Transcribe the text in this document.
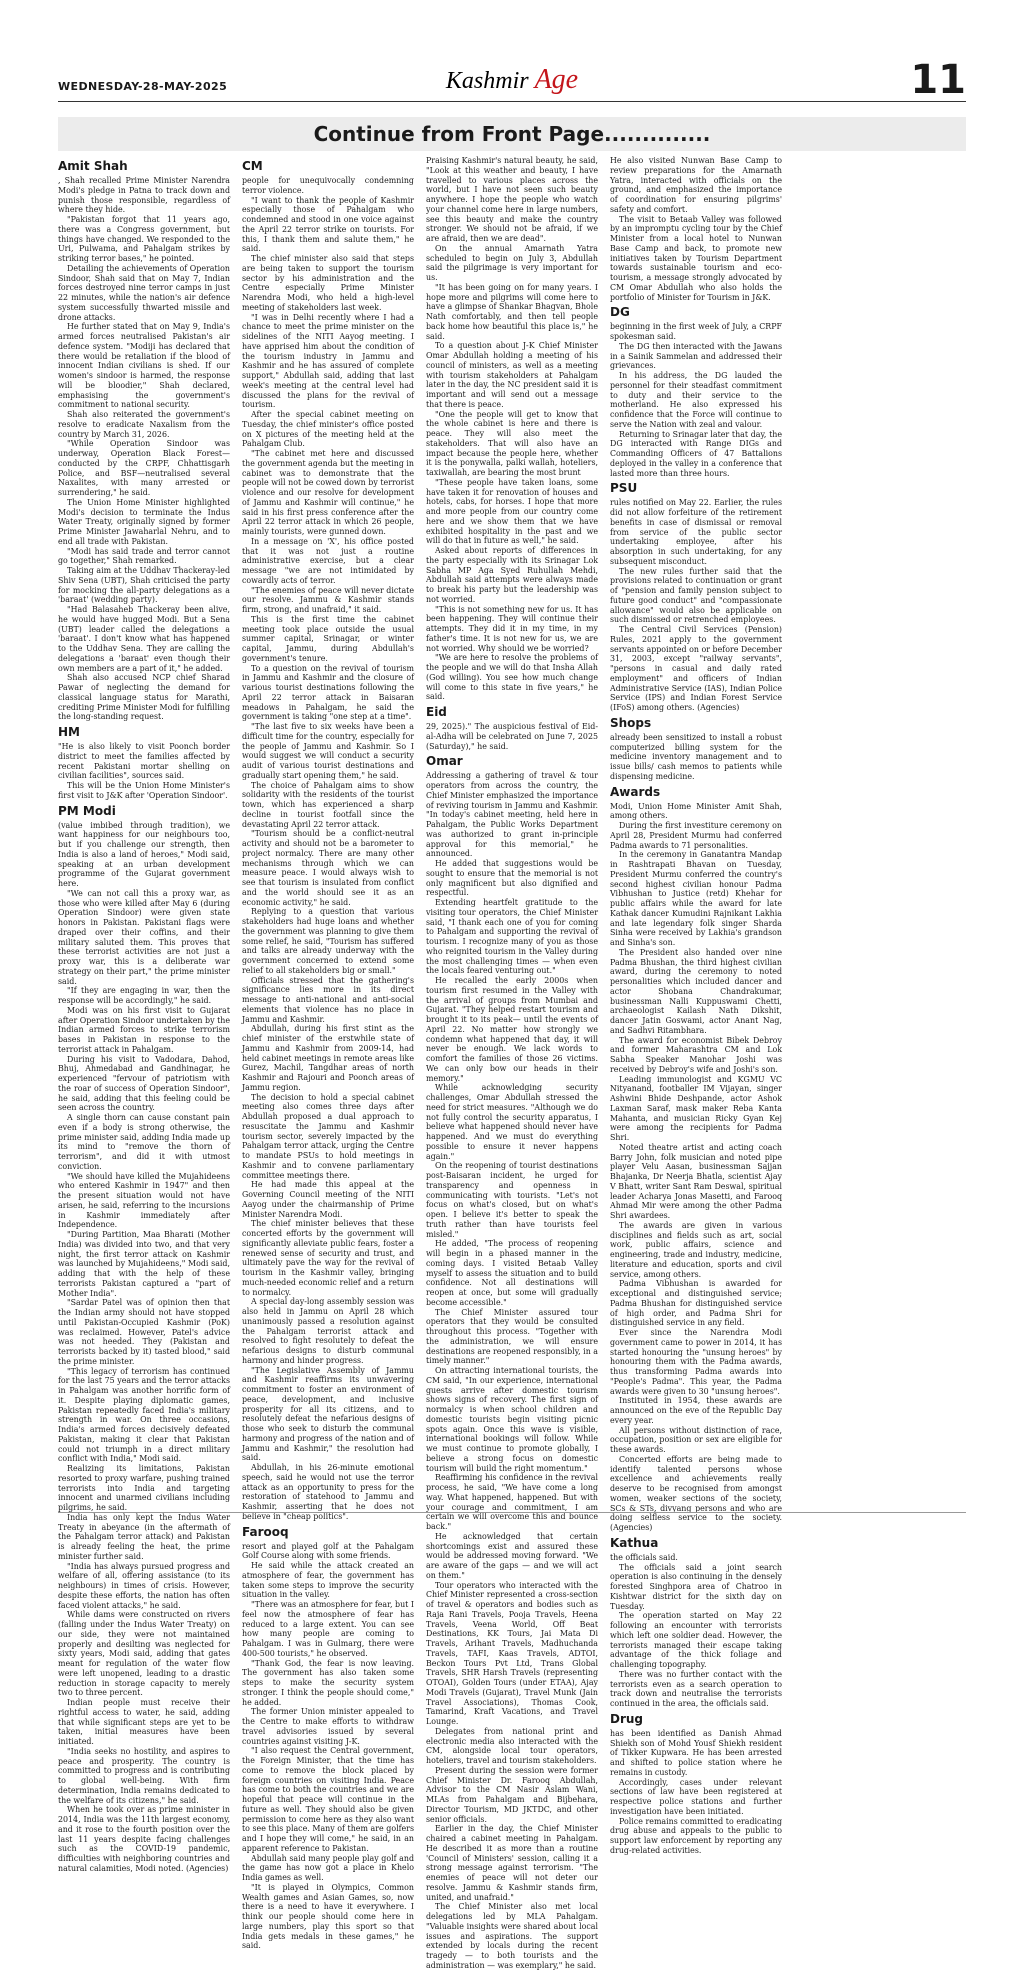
WEDNESDAY-28-MAY-2025	Kashmir Age	11
Continue from Front Page..............
Amit Shah

, Shah recalled Prime Minister Narendra Modi's pledge in Patna to track down and punish those responsible, regardless of where they hide.

"Pakistan forgot that 11 years ago, there was a Congress government, but things have changed. We responded to the Uri, Pulwama, and Pahalgam strikes by striking terror bases," he pointed.

Detailing the achievements of Operation Sindoor, Shah said that on May 7, Indian forces destroyed nine terror camps in just 22 minutes, while the nation's air defence system successfully thwarted missile and drone attacks.

He further stated that on May 9, India's armed forces neutralised Pakistan's air defence system. "Modiji has declared that there would be retaliation if the blood of innocent Indian civilians is shed. If our women's sindoor is harmed, the response will be bloodier," Shah declared, emphasising the government's commitment to national security.

Shah also reiterated the government's resolve to eradicate Naxalism from the country by March 31, 2026.

"While Operation Sindoor was underway, Operation Black Forest—conducted by the CRPF, Chhattisgarh Police, and BSF—neutralised several Naxalites, with many arrested or surrendering," he said.

The Union Home Minister highlighted Modi's decision to terminate the Indus Water Treaty, originally signed by former Prime Minister Jawaharlal Nehru, and to end all trade with Pakistan.

"Modi has said trade and terror cannot go together," Shah remarked.

Taking aim at the Uddhav Thackeray-led Shiv Sena (UBT), Shah criticised the party for mocking the all-party delegations as a 'baraat' (wedding party).

"Had Balasaheb Thackeray been alive, he would have hugged Modi. But a Sena (UBT) leader called the delegations a 'baraat'. I don't know what has happened to the Uddhav Sena. They are calling the delegations a 'baraat' even though their own members are a part of it," he added.

Shah also accused NCP chief Sharad Pawar of neglecting the demand for classical language status for Marathi, crediting Prime Minister Modi for fulfilling the long-standing request.

HM

"He is also likely to visit Poonch border district to meet the families affected by recent Pakistani mortar shelling on civilian facilities", sources said.

This will be the Union Home Minister's first visit to J&K after 'Operation Sindoor'.

PM Modi

(value imbibed through tradition), we want happiness for our neighbours too, but if you challenge our strength, then India is also a land of heroes," Modi said, speaking at an urban development programme of the Gujarat government here.

"We can not call this a proxy war, as those who were killed after May 6 (during Operation Sindoor) were given state honors in Pakistan. Pakistani flags were draped over their coffins, and their military saluted them. This proves that these terrorist activities are not just a proxy war, this is a deliberate war strategy on their part," the prime minister said.

"If they are engaging in war, then the response will be accordingly," he said.

Modi was on his first visit to Gujarat after Operation Sindoor undertaken by the Indian armed forces to strike terrorism bases in Pakistan in response to the terrorist attack in Pahalgam.

During his visit to Vadodara, Dahod, Bhuj, Ahmedabad and Gandhinagar, he experienced "fervour of patriotism with the roar of success of Operation Sindoor", he said, adding that this feeling could be seen across the country.

A single thorn can cause constant pain even if a body is strong otherwise, the prime minister said, adding India made up its mind to "remove the thorn of terrorism", and did it with utmost conviction.

"We should have killed the Mujahideens who entered Kashmir in 1947" and then the present situation would not have arisen, he said, referring to the incursions in Kashmir immediately after Independence.

"During Partition, Maa Bharati (Mother India) was divided into two, and that very night, the first terror attack on Kashmir was launched by Mujahideens," Modi said, adding that with the help of these terrorists Pakistan captured a "part of Mother India".

"Sardar Patel was of opinion then that the Indian army should not have stopped until Pakistan-Occupied Kashmir (PoK) was reclaimed. However, Patel's advice was not heeded. They (Pakistan and terrorists backed by it) tasted blood," said the prime minister.

"This legacy of terrorism has continued for the last 75 years and the terror attacks in Pahalgam was another horrific form of it. Despite playing diplomatic games, Pakistan repeatedly faced India's military strength in war. On three occasions, India's armed forces decisively defeated Pakistan, making it clear that Pakistan could not triumph in a direct military conflict with India," Modi said.

Realizing its limitations, Pakistan resorted to proxy warfare, pushing trained terrorists into India and targeting innocent and unarmed civilians including pilgrims, he said.

India has only kept the Indus Water Treaty in abeyance (in the aftermath of the Pahalgam terror attack) and Pakistan is already feeling the heat, the prime minister further said.

"India has always pursued progress and welfare of all, offering assistance (to its neighbours) in times of crisis. However, despite these efforts, the nation has often faced violent attacks," he said.

While dams were constructed on rivers (falling under the Indus Water Treaty) on our side, they were not maintained properly and desilting was neglected for sixty years, Modi said, adding that gates meant for regulation of the water flow were left unopened, leading to a drastic reduction in storage capacity to merely two to three percent.

Indian people must receive their rightful access to water, he said, adding that while significant steps are yet to be taken, initial measures have been initiated.

"India seeks no hostility, and aspires to peace and prosperity. The country is committed to progress and is contributing to global well-being. With firm determination, India remains dedicated to the welfare of its citizens," he said.

When he took over as prime minister in 2014, India was the 11th largest economy, and it rose to the fourth position over the last 11 years despite facing challenges such as the COVID-19 pandemic, difficulties with neighboring countries and natural calamities, Modi noted. (Agencies)

CM

people for unequivocally condemning terror violence.

"I want to thank the people of Kashmir especially those of Pahalgam who condemned and stood in one voice against the April 22 terror strike on tourists. For this, I thank them and salute them," he said.

The chief minister also said that steps are being taken to support the tourism sector by his administration and the Centre especially Prime Minister Narendra Modi, who held a high-level meeting of stakeholders last week.

"I was in Delhi recently where I had a chance to meet the prime minister on the sidelines of the NITI Aayog meeting. I have apprised him about the condition of the tourism industry in Jammu and Kashmir and he has assured of complete support," Abdullah said, adding that last week's meeting at the central level had discussed the plans for the revival of tourism.

After the special cabinet meeting on Tuesday, the chief minister's office posted on X pictures of the meeting held at the Pahalgam Club.

"The cabinet met here and discussed the government agenda but the meeting in cabinet was to demonstrate that the people will not be cowed down by terrorist violence and our resolve for development of Jammu and Kashmir will continue," he said in his first press conference after the April 22 terror attack in which 26 people, mainly tourists, were gunned down.

In a message on 'X', his office posted that it was not just a routine administrative exercise, but a clear message "we are not intimidated by cowardly acts of terror.

"The enemies of peace will never dictate our resolve. Jammu & Kashmir stands firm, strong, and unafraid," it said.

This is the first time the cabinet meeting took place outside the usual summer capital, Srinagar, or winter capital, Jammu, during Abdullah's government's tenure.

To a question on the revival of tourism in Jammu and Kashmir and the closure of various tourist destinations following the April 22 terror attack in Baisaran meadows in Pahalgam, he said the government is taking "one step at a time".

"The last five to six weeks have been a difficult time for the country, especially for the people of Jammu and Kashmir. So I would suggest we will conduct a security audit of various tourist destinations and gradually start opening them," he said.

The choice of Pahalgam aims to show solidarity with the residents of the tourist town, which has experienced a sharp decline in tourist footfall since the devastating April 22 terror attack.

"Tourism should be a conflict-neutral activity and should not be a barometer to project normalcy. There are many other mechanisms through which we can measure peace. I would always wish to see that tourism is insulated from conflict and the world should see it as an economic activity," he said.

Replying to a question that various stakeholders had huge loans and whether the government was planning to give them some relief, he said, "Tourism has suffered and talks are already underway with the government concerned to extend some relief to all stakeholders big or small."

Officials stressed that the gathering's significance lies more in its direct message to anti-national and anti-social elements that violence has no place in Jammu and Kashmir.

Abdullah, during his first stint as the chief minister of the erstwhile state of Jammu and Kashmir from 2009-14, had held cabinet meetings in remote areas like Gurez, Machil, Tangdhar areas of north Kashmir and Rajouri and Poonch areas of Jammu region.

The decision to hold a special cabinet meeting also comes three days after Abdullah proposed a dual approach to resuscitate the Jammu and Kashmir tourism sector, severely impacted by the Pahalgam terror attack, urging the Centre to mandate PSUs to hold meetings in Kashmir and to convene parliamentary committee meetings there.

He had made this appeal at the Governing Council meeting of the NITI Aayog under the chairmanship of Prime Minister Narendra Modi.

The chief minister believes that these concerted efforts by the government will significantly alleviate public fears, foster a renewed sense of security and trust, and ultimately pave the way for the revival of tourism in the Kashmir valley, bringing much-needed economic relief and a return to normalcy.

A special day-long assembly session was also held in Jammu on April 28 which unanimously passed a resolution against the Pahalgam terrorist attack and resolved to fight resolutely to defeat the nefarious designs to disturb communal harmony and hinder progress.

"The Legislative Assembly of Jammu and Kashmir reaffirms its unwavering commitment to foster an environment of peace, development, and inclusive prosperity for all its citizens, and to resolutely defeat the nefarious designs of those who seek to disturb the communal harmony and progress of the nation and of Jammu and Kashmir," the resolution had said.

Abdullah, in his 26-minute emotional speech, said he would not use the terror attack as an opportunity to press for the restoration of statehood to Jammu and Kashmir, asserting that he does not believe in "cheap politics".

Farooq

resort and played golf at the Pahalgam Golf Course along with some friends.

He said while the attack created an atmosphere of fear, the government has taken some steps to improve the security situation in the valley.

"There was an atmosphere for fear, but I feel now the atmosphere of fear has reduced to a large extent. You can see how many people are coming to Pahalgam. I was in Gulmarg, there were 400-500 tourists," he observed.

"Thank God, the fear is now leaving. The government has also taken some steps to make the security system stronger. I think the people should come," he added.

The former Union minister appealed to the Centre to make efforts to withdraw travel advisories issued by several countries against visiting J-K.

"I also request the Central government, the Foreign Minister, that the time has come to remove the block placed by foreign countries on visiting India. Peace has come to both the countries and we are hopeful that peace will continue in the future as well. They should also be given permission to come here as they also want to see this place. Many of them are golfers and I hope they will come," he said, in an apparent reference to Pakistan.

Abdullah said many people play golf and the game has now got a place in Khelo India games as well.

"It is played in Olympics, Common Wealth games and Asian Games, so, now there is a need to have it everywhere. I think our people should come here in large numbers, play this sport so that India gets medals in these games," he said.

Praising Kashmir's natural beauty, he said, "Look at this weather and beauty, I have travelled to various places across the world, but I have not seen such beauty anywhere. I hope the people who watch your channel come here in large numbers, see this beauty and make the country stronger. We should not be afraid, if we are afraid, then we are dead".

On the annual Amarnath Yatra scheduled to begin on July 3, Abdullah said the pilgrimage is very important for us.

"It has been going on for many years. I hope more and pilgrims will come here to have a glimpse of Shankar Bhagvan, Bhole Nath comfortably, and then tell people back home how beautiful this place is," he said.

To a question about J-K Chief Minister Omar Abdullah holding a meeting of his council of ministers, as well as a meeting with tourism stakeholders at Pahalgam later in the day, the NC president said it is important and will send out a message that there is peace.

"One the people will get to know that the whole cabinet is here and there is peace. They will also meet the stakeholders. That will also have an impact because the people here, whether it is the ponywalla, palki wallah, hoteliers, taxiwallah, are bearing the most brunt

"These people have taken loans, some have taken it for renovation of houses and hotels, cabs, for horses. I hope that more and more people from our country come here and we show them that we have exhibited hospitality in the past and we will do that in future as well," he said.

Asked about reports of differences in the party especially with its Srinagar Lok Sabha MP Aga Syed Ruhullah Mehdi, Abdullah said attempts were always made to break his party but the leadership was not worried.

"This is not something new for us. It has been happening. They will continue their attempts. They did it in my time, in my father's time. It is not new for us, we are not worried. Why should we be worried?

"We are here to resolve the problems of the people and we will do that Insha Allah (God willing). You see how much change will come to this state in five years," he said.

Eid

29, 2025)." The auspicious festival of Eid-al-Adha will be celebrated on June 7, 2025 (Saturday)," he said.

Omar

Addressing a gathering of travel & tour operators from across the country, the Chief Minister emphasized the importance of reviving tourism in Jammu and Kashmir. "In today's cabinet meeting, held here in Pahalgam, the Public Works Department was authorized to grant in-principle approval for this memorial," he announced.

He added that suggestions would be sought to ensure that the memorial is not only magnificent but also dignified and respectful.

Extending heartfelt gratitude to the visiting tour operators, the Chief Minister said, "I thank each one of you for coming to Pahalgam and supporting the revival of tourism. I recognize many of you as those who reignited tourism in the Valley during the most challenging times — when even the locals feared venturing out."

He recalled the early 2000s when tourism first resumed in the Valley with the arrival of groups from Mumbai and Gujarat. "They helped restart tourism and brought it to its peak— until the events of April 22. No matter how strongly we condemn what happened that day, it will never be enough. We lack words to comfort the families of those 26 victims. We can only bow our heads in their memory."

While acknowledging security challenges, Omar Abdullah stressed the need for strict measures. "Although we do not fully control the security apparatus, I believe what happened should never have happened. And we must do everything possible to ensure it never happens again."

On the reopening of tourist destinations post-Baisaran incident, he urged for transparency and openness in communicating with tourists. "Let's not focus on what's closed, but on what's open. I believe it's better to speak the truth rather than have tourists feel misled."

He added, "The process of reopening will begin in a phased manner in the coming days. I visited Betaab Valley myself to assess the situation and to build confidence. Not all destinations will reopen at once, but some will gradually become accessible."

The Chief Minister assured tour operators that they would be consulted throughout this process. "Together with the administration, we will ensure destinations are reopened responsibly, in a timely manner."

On attracting international tourists, the CM said, "In our experience, international guests arrive after domestic tourism shows signs of recovery. The first sign of normalcy is when school children and domestic tourists begin visiting picnic spots again. Once this wave is visible, international bookings will follow. While we must continue to promote globally, I believe a strong focus on domestic tourism will build the right momentum."

Reaffirming his confidence in the revival process, he said, "We have come a long way. What happened, happened. But with your courage and commitment, I am certain we will overcome this and bounce back."

He acknowledged that certain shortcomings exist and assured these would be addressed moving forward. "We are aware of the gaps — and we will act on them."

Tour operators who interacted with the Chief Minister represented a cross-section of travel & operators and bodies such as Raja Rani Travels, Pooja Travels, Heena Travels, Veena World, Off Beat Destinations, KK Tours, Jai Mata Di Travels, Arihant Travels, Madhuchanda Travels, TAFI, Kaas Travels, ADTOI, Beckon Tours Pvt Ltd, Trans Global Travels, SHR Harsh Travels (representing OTOAI), Golden Tours (under ETAA), Ajay Modi Travels (Gujarat), Travel Munk (Jain Travel Associations), Thomas Cook, Tamarind, Kraft Vacations, and Travel Lounge.

Delegates from national print and electronic media also interacted with the CM, alongside local tour operators, hoteliers, travel and tourism stakeholders.

Present during the session were former Chief Minister Dr. Farooq Abdullah, Advisor to the CM Nasir Aslam Wani, MLAs from Pahalgam and Bijbehara, Director Tourism, MD JKTDC, and other senior officials.

Earlier in the day, the Chief Minister chaired a cabinet meeting in Pahalgam. He described it as more than a routine 'Council of Ministers' session, calling it a strong message against terrorism. "The enemies of peace will not deter our resolve. Jammu & Kashmir stands firm, united, and unafraid."

The Chief Minister also met local delegations led by MLA Pahalgam. "Valuable insights were shared about local issues and aspirations. The support extended by locals during the recent tragedy — to both tourists and the administration — was exemplary," he said.

He also visited Nunwan Base Camp to review preparations for the Amarnath Yatra, interacted with officials on the ground, and emphasized the importance of coordination for ensuring pilgrims' safety and comfort.

The visit to Betaab Valley was followed by an impromptu cycling tour by the Chief Minister from a local hotel to Nunwan Base Camp and back, to promote new initiatives taken by Tourism Department towards sustainable tourism and eco-tourism, a message strongly advocated by CM Omar Abdullah who also holds the portfolio of Minister for Tourism in J&K.

DG

beginning in the first week of July, a CRPF spokesman said.

The DG then interacted with the Jawans in a Sainik Sammelan and addressed their grievances.

In his address, the DG lauded the personnel for their steadfast commitment to duty and their service to the motherland. He also expressed his confidence that the Force will continue to serve the Nation with zeal and valour.

Returning to Srinagar later that day, the DG interacted with Range DIGs and Commanding Officers of 47 Battalions deployed in the valley in a conference that lasted more than three hours.

PSU

rules notified on May 22. Earlier, the rules did not allow forfeiture of the retirement benefits in case of dismissal or removal from service of the public sector undertaking employee, after his absorption in such undertaking, for any subsequent misconduct.

The new rules further said that the provisions related to continuation or grant of "pension and family pension subject to future good conduct" and "compassionate allowance" would also be applicable on such dismissed or retrenched employees.

The Central Civil Services (Pension) Rules, 2021 apply to the government servants appointed on or before December 31, 2003, except "railway servants", "persons in casual and daily rated employment" and officers of Indian Administrative Service (IAS), Indian Police Service (IPS) and Indian Forest Service (IFoS) among others. (Agencies)

Shops

already been sensitized to install a robust computerized billing system for the medicine inventory management and to issue bills/ cash memos to patients while dispensing medicine.

Awards

Modi, Union Home Minister Amit Shah, among others.

During the first investiture ceremony on April 28, President Murmu had conferred Padma awards to 71 personalities.

In the ceremony in Ganatantra Mandap in Rashtrapati Bhavan on Tuesday, President Murmu conferred the country's second highest civilian honour Padma Vibhushan to Justice (retd) Khehar for public affairs while the award for late Kathak dancer Kumudini Rajnikant Lakhia and late legendary folk singer Sharda Sinha were received by Lakhia's grandson and Sinha's son.

The President also handed over nine Padma Bhushan, the third highest civilian award, during the ceremony to noted personalities which included dancer and actor Shobana Chandrakumar, businessman Nalli Kuppuswami Chetti, archaeologist Kailash Nath Dikshit, dancer Jatin Goswami, actor Anant Nag, and Sadhvi Ritambhara.

The award for economist Bibek Debroy and former Maharashtra CM and Lok Sabha Speaker Manohar Joshi was received by Debroy's wife and Joshi's son.

Leading immunologist and KGMU VC Nityanand, footballer IM Vijayan, singer Ashwini Bhide Deshpande, actor Ashok Laxman Saraf, mask maker Reba Kanta Mahanta, and musician Ricky Gyan Kej were among the recipients for Padma Shri.

Noted theatre artist and acting coach Barry John, folk musician and noted pipe player Velu Aasan, businessman Sajjan Bhajanka, Dr Neerja Bhatla, scientist Ajay V Bhatt, writer Sant Ram Deswal, spiritual leader Acharya Jonas Masetti, and Farooq Ahmad Mir were among the other Padma Shri awardees.

The awards are given in various disciplines and fields such as art, social work, public affairs, science and engineering, trade and industry, medicine, literature and education, sports and civil service, among others.

Padma Vibhushan is awarded for exceptional and distinguished service; Padma Bhushan for distinguished service of high order, and Padma Shri for distinguished service in any field.

Ever since the Narendra Modi government came to power in 2014, it has started honouring the "unsung heroes" by honouring them with the Padma awards, thus transforming Padma awards into "People's Padma". This year, the Padma awards were given to 30 "unsung heroes".

Instituted in 1954, these awards are announced on the eve of the Republic Day every year.

All persons without distinction of race, occupation, position or sex are eligible for these awards.

Concerted efforts are being made to identify talented persons whose excellence and achievements really deserve to be recognised from amongst women, weaker sections of the society, SCs & STs, divyang persons and who are doing selfless service to the society. (Agencies)

Kathua

the officials said.

The officials said a joint search operation is also continuing in the densely forested Singhpora area of Chatroo in Kishtwar district for the sixth day on Tuesday.

The operation started on May 22 following an encounter with terrorists which left one soldier dead. However, the terrorists managed their escape taking advantage of the thick foliage and challenging topography.

There was no further contact with the terrorists even as a search operation to track down and neutralise the terrorists continued in the area, the officials said.

Drug

has been identified as Danish Ahmad Shiekh son of Mohd Yousf Shiekh resident of Tikker Kupwara. He has been arrested and shifted to police station where he remains in custody.

Accordingly, cases under relevant sections of law have been registered at respective police stations and further investigation have been initiated.

Police remains committed to eradicating drug abuse and appeals to the public to support law enforcement by reporting any drug-related activities.
